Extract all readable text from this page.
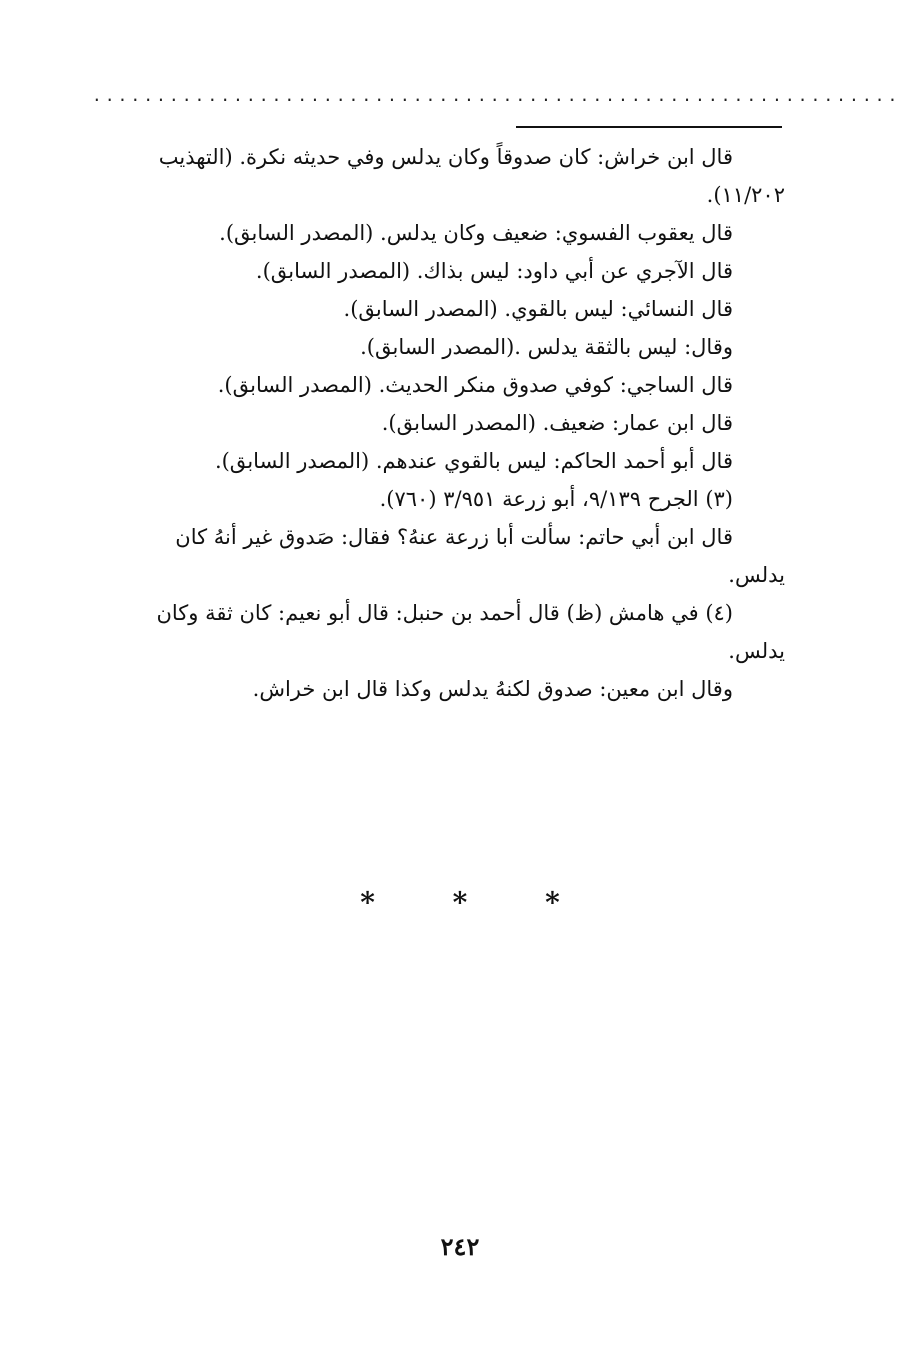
...............................................................
قال ابن خراش: كان صدوقاً وكان يدلس وفي حديثه نكرة. (التهذيب
١١/٢٠٢).
قال يعقوب الفسوي: ضعيف وكان يدلس. (المصدر السابق).
قال الآجري عن أبي داود: ليس بذاك. (المصدر السابق).
قال النسائي: ليس بالقوي. (المصدر السابق).
وقال: ليس بالثقة يدلس .(المصدر السابق).
قال الساجي: كوفي صدوق منكر الحديث. (المصدر السابق).
قال ابن عمار: ضعيف. (المصدر السابق).
قال أبو أحمد الحاكم: ليس بالقوي عندهم. (المصدر السابق).
(٣) الجرح ٩/١٣٩، أبو زرعة ٣/٩٥١ (٧٦٠).
قال ابن أبي حاتم: سألت أبا زرعة عنهُ؟ فقال: صَدوق غير أنهُ كان
يدلس.
(٤) في هامش (ظ) قال أحمد بن حنبل: قال أبو نعيم: كان ثقة وكان
يدلس.
وقال ابن معين: صدوق لكنهُ يدلس وكذا قال ابن خراش.
* * *
٢٤٢
